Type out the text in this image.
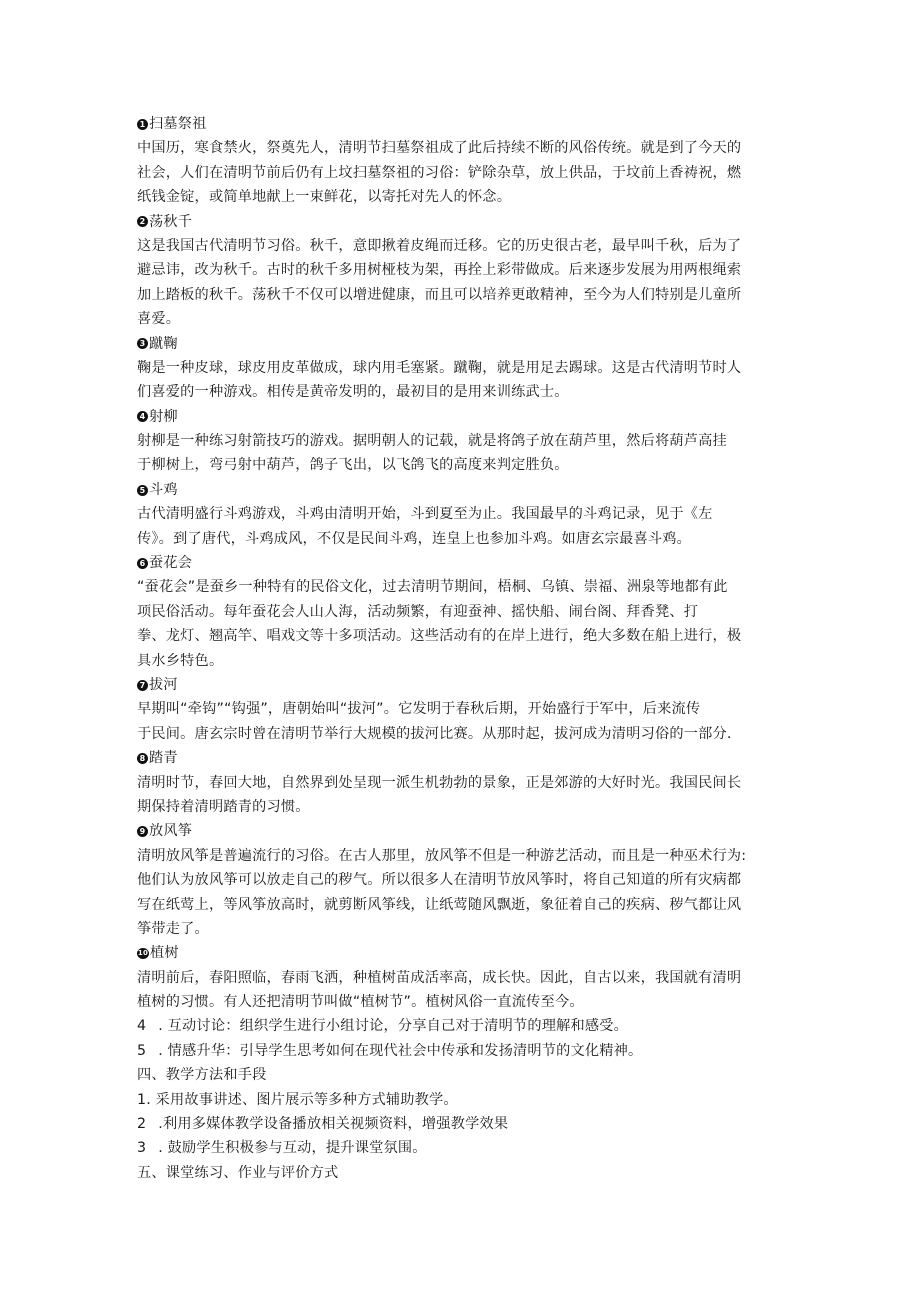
1 扫墓祭祖
中国历，寒食禁火，祭奠先人，清明节扫墓祭祖成了此后持续不断的风俗传统。就是到了今天的
社会，人们在清明节前后仍有上坟扫墓祭祖的习俗：铲除杂草，放上供品，于坟前上香祷祝，燃
纸钱金锭，或简单地献上一束鲜花，以寄托对先人的怀念。
2 荡秋千
这是我国古代清明节习俗。秋千，意即揪着皮绳而迁移。它的历史很古老，最早叫千秋，后为了
避忌讳，改为秋千。古时的秋千多用树桠枝为架，再拴上彩带做成。后来逐步发展为用两根绳索
加上踏板的秋千。荡秋千不仅可以增进健康，而且可以培养更敢精神，至今为人们特别是儿童所
喜爱。
3 蹴鞠
鞠是一种皮球，球皮用皮革做成，球内用毛塞紧。蹴鞠，就是用足去踢球。这是古代清明节时人
们喜爱的一种游戏。相传是黄帝发明的，最初目的是用来训练武士。
4 射柳
射柳是一种练习射箭技巧的游戏。据明朝人的记载，就是将鸽子放在葫芦里，然后将葫芦高挂
于柳树上，弯弓射中葫芦，鸽子飞出，以飞鸽飞的高度来判定胜负。
5 斗鸡
古代清明盛行斗鸡游戏，斗鸡由清明开始，斗到夏至为止。我国最早的斗鸡记录，见于《左
传》。到了唐代，斗鸡成风，不仅是民间斗鸡，连皇上也参加斗鸡。如唐玄宗最喜斗鸡。
6 蚕花会
“蚕花会”是蚕乡一种特有的民俗文化，过去清明节期间，梧桐、乌镇、崇福、洲泉等地都有此
项民俗活动。每年蚕花会人山人海，活动频繁，有迎蚕神、摇快船、闹台阁、拜香凳、打
拳、龙灯、翘高竿、唱戏文等十多项活动。这些活动有的在岸上进行，绝大多数在船上进行，极
具水乡特色。
7 拔河
早期叫“牵钩”“钩强”，唐朝始叫“拔河”。它发明于春秋后期，开始盛行于军中，后来流传
于民间。唐玄宗时曾在清明节举行大规模的拔河比赛。从那时起，拔河成为清明习俗的一部分.
8 踏青
清明时节，春回大地，自然界到处呈现一派生机勃勃的景象，正是郊游的大好时光。我国民间长
期保持着清明踏青的习惯。
9 放风筝
清明放风筝是普遍流行的习俗。在古人那里，放风筝不但是一种游艺活动，而且是一种巫术行为:
他们认为放风筝可以放走自己的秽气。所以很多人在清明节放风筝时，将自己知道的所有灾病都
写在纸莺上，等风筝放高时，就剪断风筝线，让纸莺随风飘逝，象征着自己的疾病、秽气都让风
筝带走了。
10 植树
清明前后，春阳照临，春雨飞洒，种植树苗成活率高，成长快。因此，自古以来，我国就有清明
植树的习惯。有人还把清明节叫做“植树节”。植树风俗一直流传至今。
4 . 互动讨论：组织学生进行小组讨论，分享自己对于清明节的理解和感受。
5 . 情感升华：引导学生思考如何在现代社会中传承和发扬清明节的文化精神。
四、教学方法和手段
1. 采用故事讲述、图片展示等多种方式辅助教学。
2 .利用多媒体教学设备播放相关视频资料，增强教学效果
3 . 鼓励学生积极参与互动，提升课堂氛围。
五、课堂练习、作业与评价方式
